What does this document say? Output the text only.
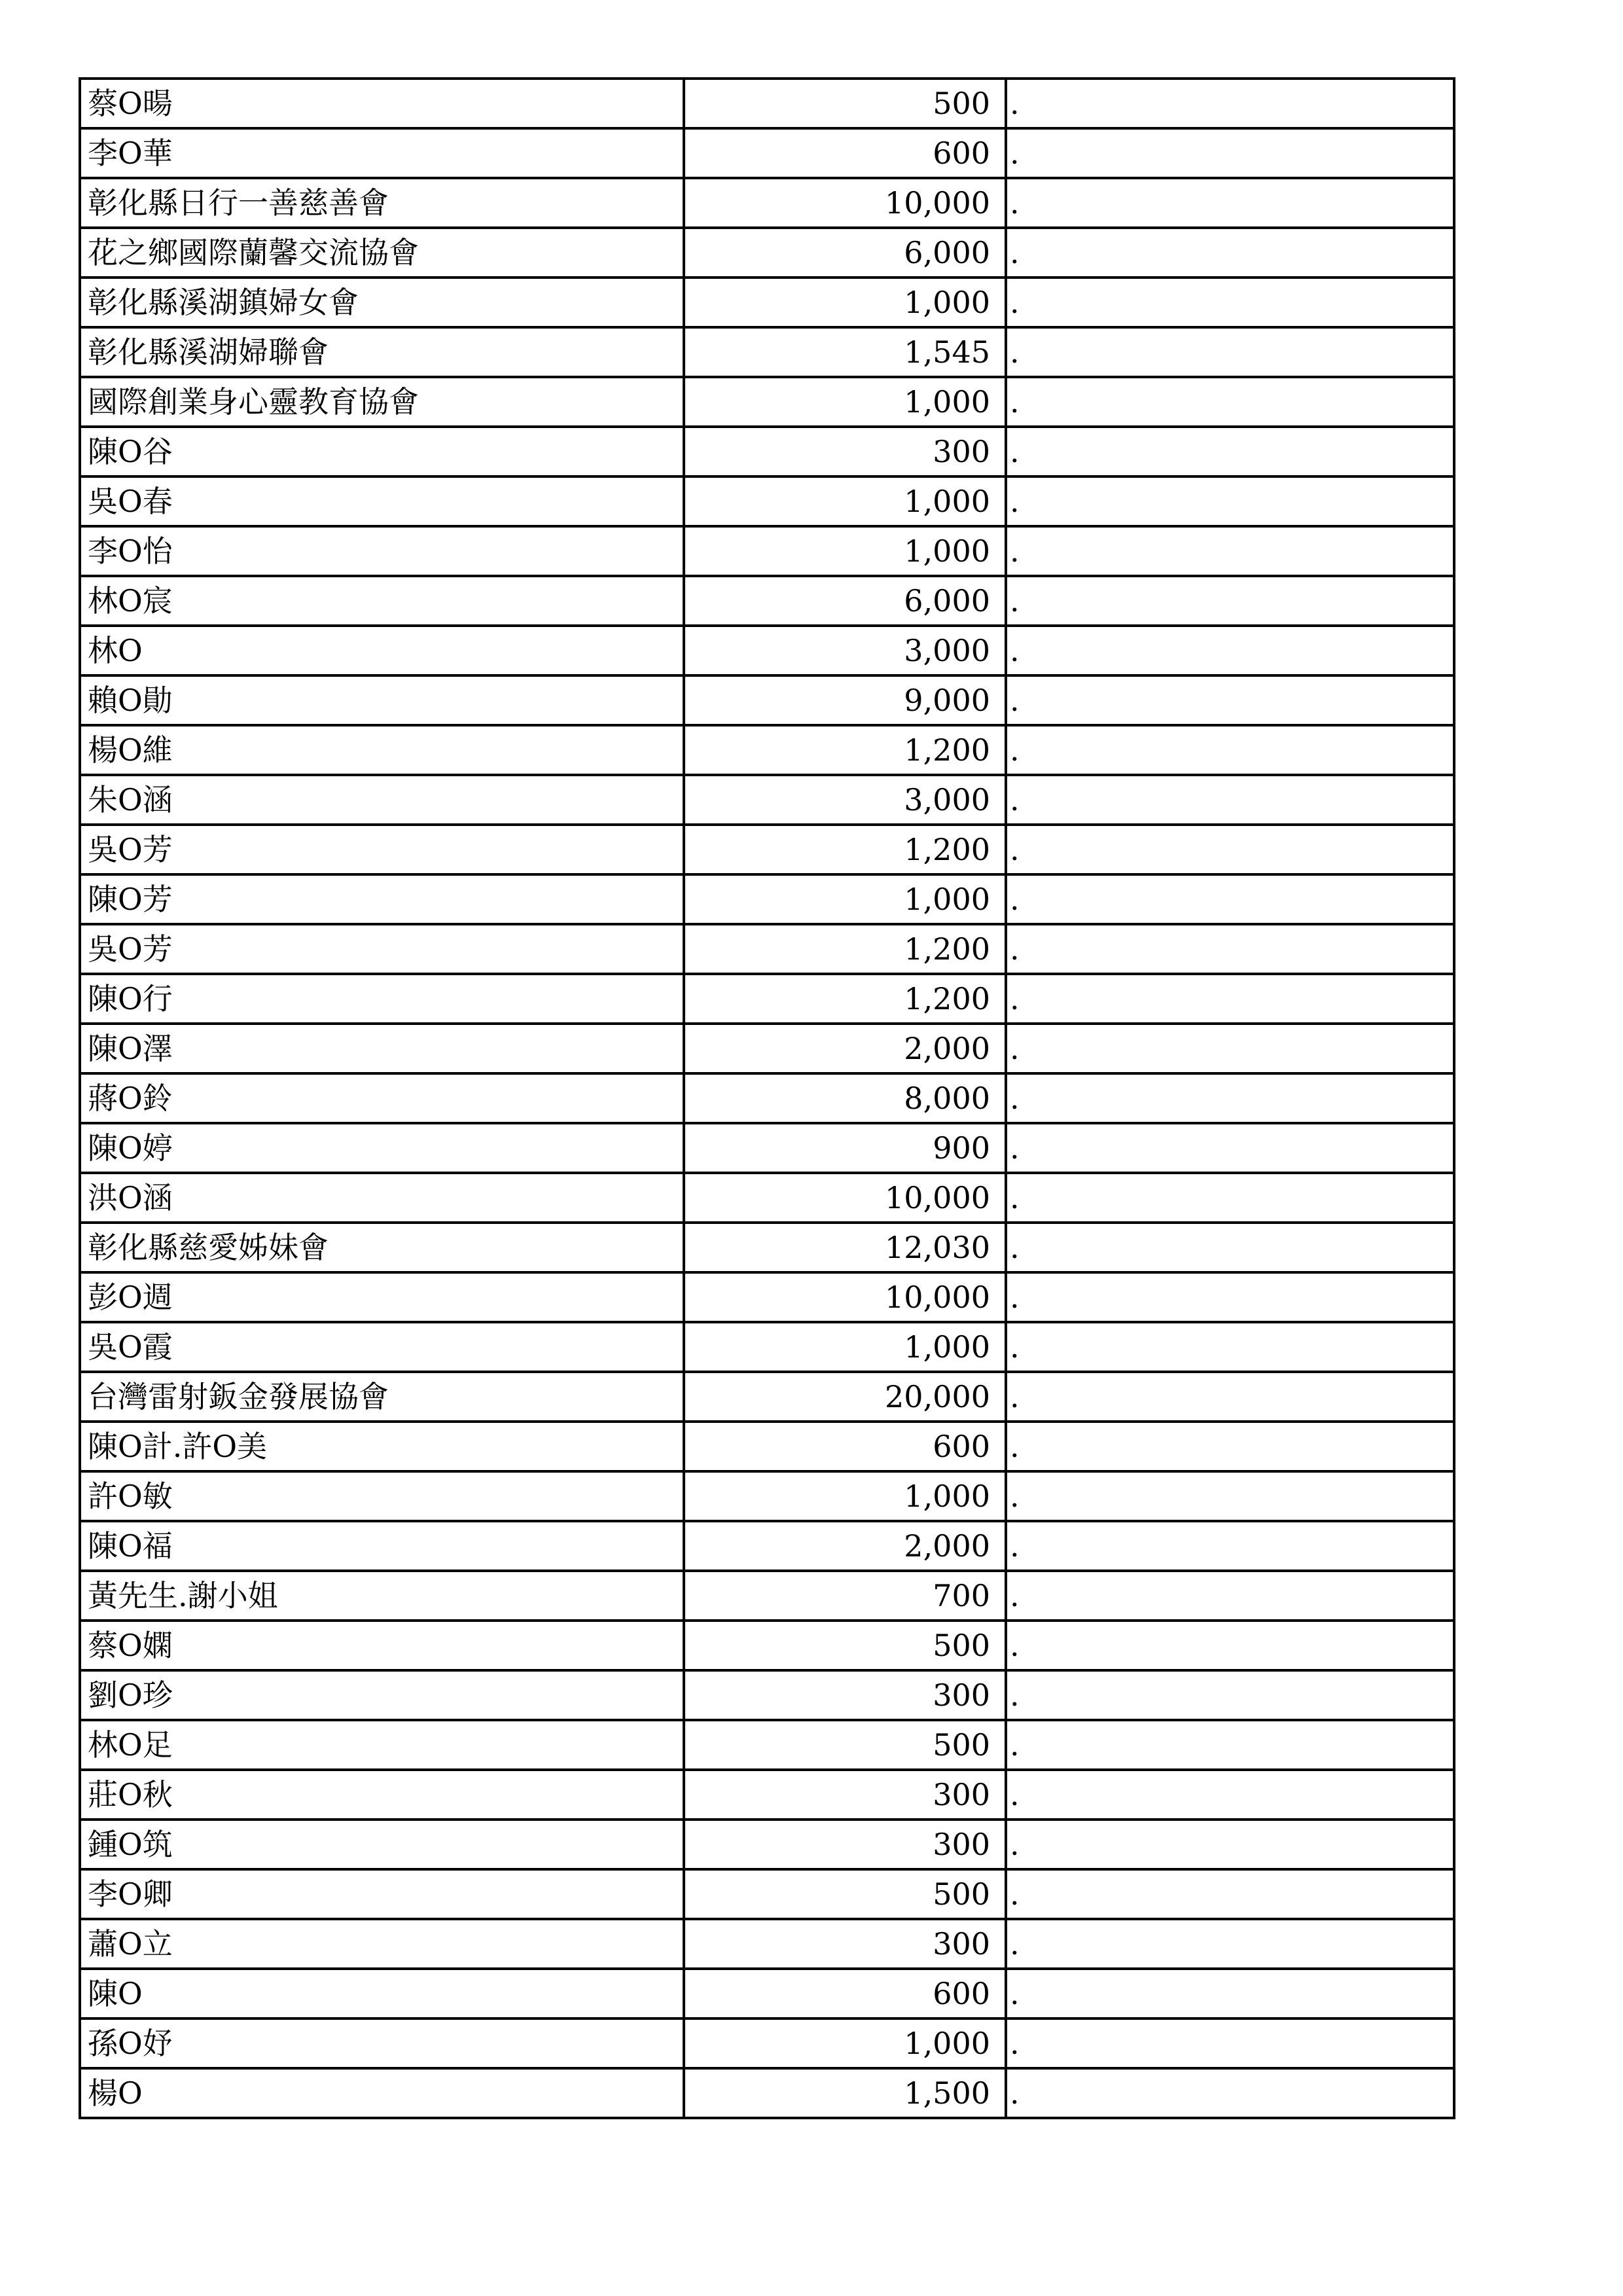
蔡O暘	500	.
李O華	600	.
彰化縣日行一善慈善會	10,000	.
花之鄉國際蘭馨交流協會	6,000	.
彰化縣溪湖鎮婦女會	1,000	.
彰化縣溪湖婦聯會	1,545	.
國際創業身心靈教育協會	1,000	.
陳O谷	300	.
吳O春	1,000	.
李O怡	1,000	.
林O宸	6,000	.
林O	3,000	.
賴O勛	9,000	.
楊O維	1,200	.
朱O涵	3,000	.
吳O芳	1,200	.
陳O芳	1,000	.
吳O芳	1,200	.
陳O行	1,200	.
陳O澤	2,000	.
蔣O鈴	8,000	.
陳O婷	900	.
洪O涵	10,000	.
彰化縣慈愛姊妹會	12,030	.
彭O週	10,000	.
吳O霞	1,000	.
台灣雷射鈑金發展協會	20,000	.
陳O計.許O美	600	.
許O敏	1,000	.
陳O福	2,000	.
黃先生.謝小姐	700	.
蔡O嫻	500	.
劉O珍	300	.
林O足	500	.
莊O秋	300	.
鍾O筑	300	.
李O卿	500	.
蕭O立	300	.
陳O	600	.
孫O妤	1,000	.
楊O	1,500	.
